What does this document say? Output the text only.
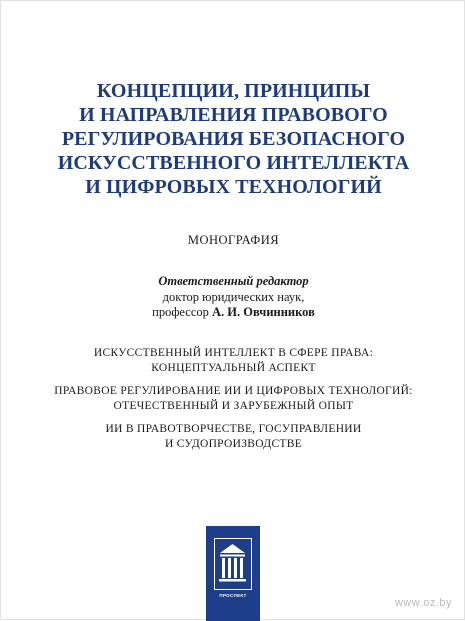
КОНЦЕПЦИИ, ПРИНЦИПЫ
И НАПРАВЛЕНИЯ ПРАВОВОГО
РЕГУЛИРОВАНИЯ БЕЗОПАСНОГО
ИСКУССТВЕННОГО ИНТЕЛЛЕКТА
И ЦИФРОВЫХ ТЕХНОЛОГИЙ
МОНОГРАФИЯ
Ответственный редактор
доктор юридических наук,
профессор А. И. Овчинников
ИСКУССТВЕННЫЙ ИНТЕЛЛЕКТ В СФЕРЕ ПРАВА:
КОНЦЕПТУАЛЬНЫЙ АСПЕКТ
ПРАВОВОЕ РЕГУЛИРОВАНИЕ ИИ И ЦИФРОВЫХ ТЕХНОЛОГИЙ:
ОТЕЧЕСТВЕННЫЙ И ЗАРУБЕЖНЫЙ ОПЫТ
ИИ В ПРАВОТВОРЧЕСТВЕ, ГОСУПРАВЛЕНИИ
И СУДОПРОИЗВОДСТВЕ
ПРОСПЕКТ
www.oz.by
